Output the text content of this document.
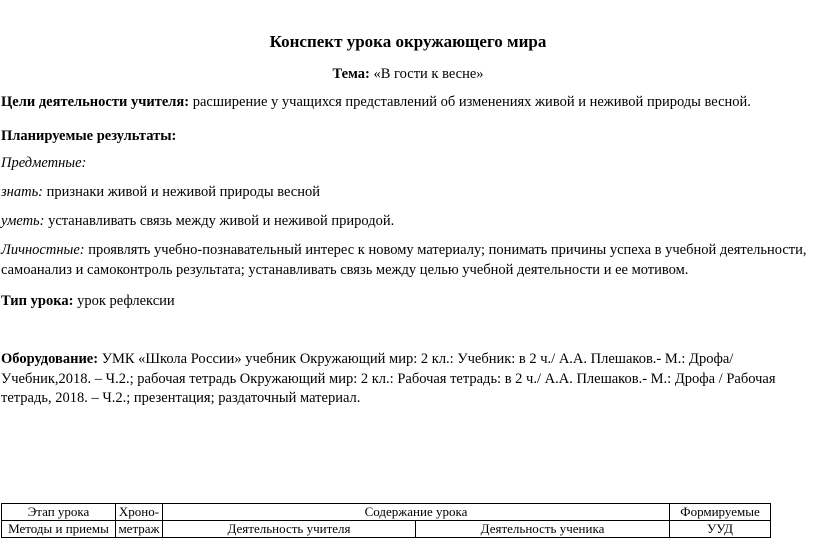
Конспект урока окружающего мира
Тема: «В гости к весне»
Цели деятельности учителя: расширение у учащихся представлений об изменениях живой и неживой природы весной.
Планируемые результаты:
Предметные:
знать: признаки живой и неживой природы весной
уметь: устанавливать связь между живой и неживой природой.
Личностные: проявлять учебно-познавательный интерес к новому материалу; понимать причины успеха в учебной деятельности,
самоанализ и самоконтроль результата; устанавливать связь между целью учебной деятельности и ее мотивом.
Тип урока: урок рефлексии
Оборудование: УМК «Школа России» учебник Окружающий мир: 2 кл.: Учебник: в 2 ч./ А.А. Плешаков.- М.: Дрофа/
Учебник,2018. – Ч.2.; рабочая тетрадь Окружающий мир: 2 кл.: Рабочая тетрадь: в 2 ч./ А.А. Плешаков.- М.: Дрофа / Рабочая
тетрадь, 2018. – Ч.2.; презентация; раздаточный материал.
Этап урока	Хроно-	Содержание урока		Формируемые
Методы и приемы	метраж	Деятельность учителя	Деятельность ученика	УУД
